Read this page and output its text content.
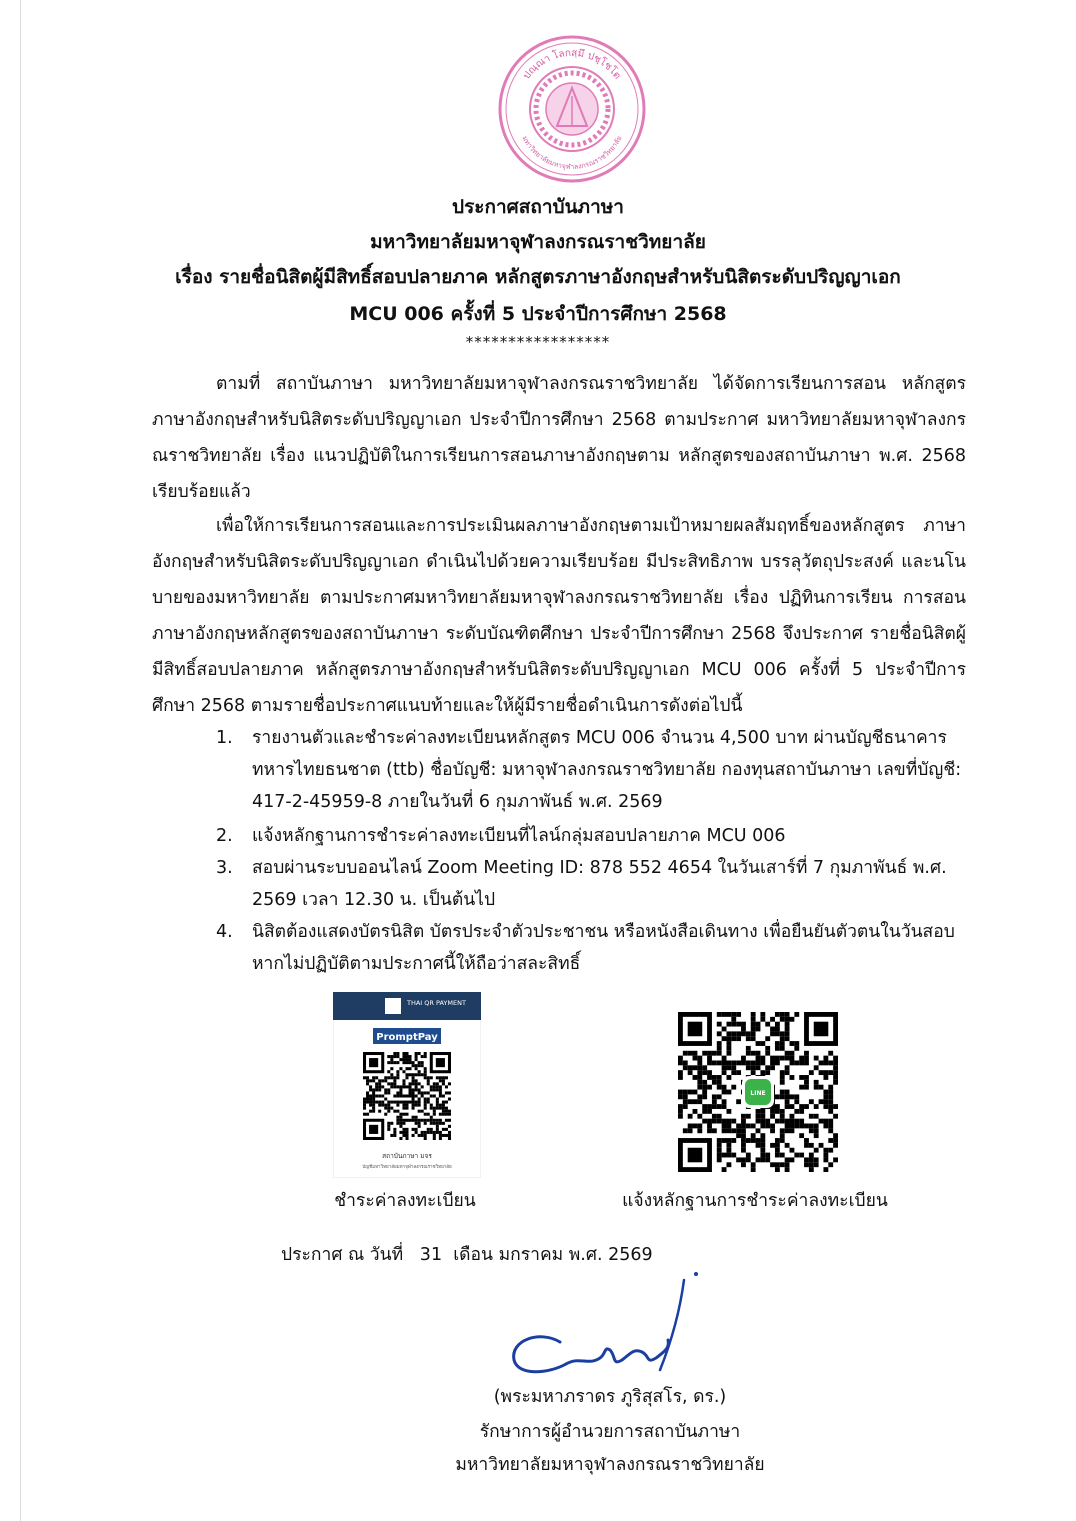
ปณฺณา โลกสฺมึ ปชฺโชโต
มหาวิทยาลัยมหาจุฬาลงกรณราชวิทยาลัย
ประกาศสถาบันภาษา
มหาวิทยาลัยมหาจุฬาลงกรณราชวิทยาลัย
เรื่อง รายชื่อนิสิตผู้มีสิทธิ์สอบปลายภาค หลักสูตรภาษาอังกฤษสำหรับนิสิตระดับปริญญาเอก
MCU 006 ครั้งที่ 5 ประจำปีการศึกษา 2568
*****************
ตามที่ สถาบันภาษา มหาวิทยาลัยมหาจุฬาลงกรณราชวิทยาลัย ได้จัดการเรียนการสอน หลักสูตรภาษาอังกฤษสำหรับนิสิตระดับปริญญาเอก ประจำปีการศึกษา 2568 ตามประกาศ มหาวิทยาลัยมหาจุฬาลงกรณราชวิทยาลัย เรื่อง แนวปฏิบัติในการเรียนการสอนภาษาอังกฤษตาม หลักสูตรของสถาบันภาษา พ.ศ. 2568 เรียบร้อยแล้ว
เพื่อให้การเรียนการสอนและการประเมินผลภาษาอังกฤษตามเป้าหมายผลสัมฤทธิ์ของหลักสูตร ภาษาอังกฤษสำหรับนิสิตระดับปริญญาเอก ดำเนินไปด้วยความเรียบร้อย มีประสิทธิภาพ บรรลุวัตถุประสงค์ และนโนบายของมหาวิทยาลัย ตามประกาศมหาวิทยาลัยมหาจุฬาลงกรณราชวิทยาลัย เรื่อง ปฏิทินการเรียน การสอนภาษาอังกฤษหลักสูตรของสถาบันภาษา ระดับบัณฑิตศึกษา ประจำปีการศึกษา 2568 จึงประกาศ รายชื่อนิสิตผู้มีสิทธิ์สอบปลายภาค หลักสูตรภาษาอังกฤษสำหรับนิสิตระดับปริญญาเอก MCU 006 ครั้งที่ 5 ประจำปีการศึกษา 2568 ตามรายชื่อประกาศแนบท้ายและให้ผู้มีรายชื่อดำเนินการดังต่อไปนี้
1.	รายงานตัวและชำระค่าลงทะเบียนหลักสูตร MCU 006 จำนวน 4,500 บาท ผ่านบัญชีธนาคาร ทหารไทยธนชาต (ttb) ชื่อบัญชี: มหาจุฬาลงกรณราชวิทยาลัย กองทุนสถาบันภาษา เลขที่บัญชี: 417-2-45959-8 ภายในวันที่ 6 กุมภาพันธ์ พ.ศ. 2569
2.	แจ้งหลักฐานการชำระค่าลงทะเบียนที่ไลน์กลุ่มสอบปลายภาค MCU 006
3.	สอบผ่านระบบออนไลน์ Zoom Meeting ID: 878 552 4654 ในวันเสาร์ที่ 7 กุมภาพันธ์ พ.ศ. 2569 เวลา 12.30 น. เป็นต้นไป
4.	นิสิตต้องแสดงบัตรนิสิต บัตรประจำตัวประชาชน หรือหนังสือเดินทาง เพื่อยืนยันตัวตนในวันสอบ หากไม่ปฏิบัติตามประกาศนี้ให้ถือว่าสละสิทธิ์
THAI QR PAYMENT
PromptPay
สถาบันภาษา มจร
บัญชีมหาวิทยาลัยมหาจุฬาลงกรณราชวิทยาลัย
LINE
ชำระค่าลงทะเบียน	แจ้งหลักฐานการชำระค่าลงทะเบียน
ประกาศ ณ วันที่   31  เดือน มกราคม พ.ศ. 2569
(พระมหาภราดร ภูริสุสโร, ดร.)
รักษาการผู้อำนวยการสถาบันภาษา
มหาวิทยาลัยมหาจุฬาลงกรณราชวิทยาลัย
